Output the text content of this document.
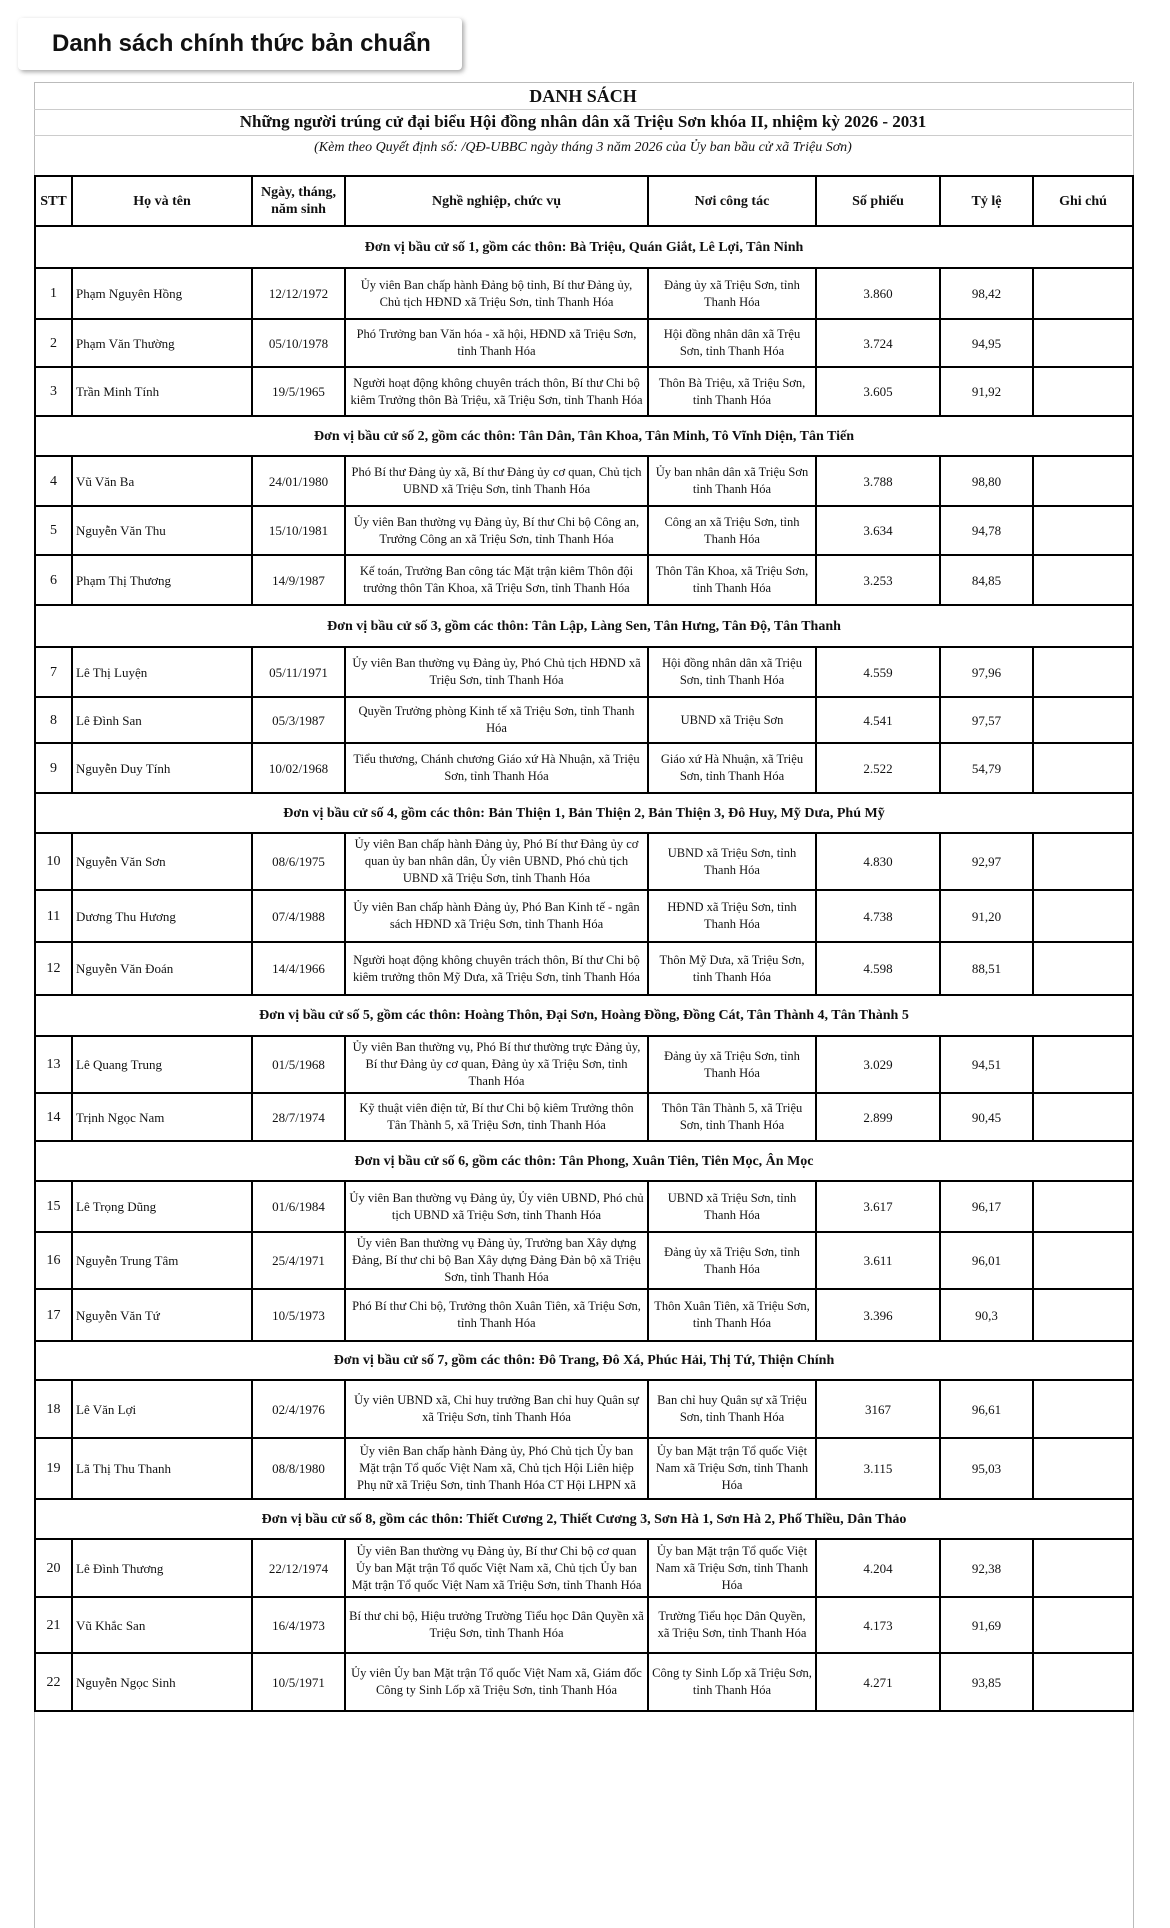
Danh sách chính thức bản chuẩn
DANH SÁCH
Những người trúng cử đại biểu Hội đồng nhân dân xã Triệu Sơn khóa II, nhiệm kỳ 2026 - 2031
(Kèm theo Quyết định số: /QĐ-UBBC ngày tháng 3 năm 2026 của Ủy ban bầu cử xã Triệu Sơn)
STT	Họ và tên	Ngày, tháng, năm sinh	Nghề nghiệp, chức vụ	Nơi công tác	Số phiếu	Tỷ lệ	Ghi chú
Đơn vị bầu cử số 1, gồm các thôn: Bà Triệu, Quán Giắt, Lê Lợi, Tân Ninh							
1	Phạm Nguyên Hồng	12/12/1972	Ủy viên Ban chấp hành Đảng bộ tỉnh, Bí thư Đảng ủy, Chủ tịch HĐND xã Triệu Sơn, tỉnh Thanh Hóa	Đảng ủy xã Triệu Sơn, tỉnh Thanh Hóa	3.860	98,42	
2	Phạm Văn Thường	05/10/1978	Phó Trưởng ban Văn hóa - xã hội, HĐND xã Triệu Sơn, tỉnh Thanh Hóa	Hội đồng nhân dân xã Trệu Sơn, tỉnh Thanh Hóa	3.724	94,95	
3	Trần Minh Tính	19/5/1965	Người hoạt động không chuyên trách thôn, Bí thư Chi bộ kiêm Trưởng thôn Bà Triệu, xã Triệu Sơn, tỉnh Thanh Hóa	Thôn Bà Triệu, xã Triệu Sơn, tỉnh Thanh Hóa	3.605	91,92	
Đơn vị bầu cử số 2, gồm các thôn: Tân Dân, Tân Khoa, Tân Minh, Tô Vĩnh Diện, Tân Tiến							
4	Vũ Văn Ba	24/01/1980	Phó Bí thư Đảng ủy xã, Bí thư Đảng ủy cơ quan, Chủ tịch UBND xã Triệu Sơn, tỉnh Thanh Hóa	Ủy ban nhân dân xã Triệu Sơn tỉnh Thanh Hóa	3.788	98,80	
5	Nguyễn Văn Thu	15/10/1981	Ủy viên Ban thường vụ Đảng ủy, Bí thư Chi bộ Công an, Trưởng Công an xã Triệu Sơn, tỉnh Thanh Hóa	Công an xã Triệu Sơn, tỉnh Thanh Hóa	3.634	94,78	
6	Phạm Thị Thương	14/9/1987	Kế toán, Trưởng Ban công tác Mặt trận kiêm Thôn đội trưởng thôn Tân Khoa, xã Triệu Sơn, tỉnh Thanh Hóa	Thôn Tân Khoa, xã Triệu Sơn, tỉnh Thanh Hóa	3.253	84,85	
Đơn vị bầu cử số 3, gồm các thôn: Tân Lập, Làng Sen, Tân Hưng, Tân Độ, Tân Thanh							
7	Lê Thị Luyện	05/11/1971	Ủy viên Ban thường vụ Đảng ủy, Phó Chủ tịch HĐND xã Triệu Sơn, tỉnh Thanh Hóa	Hội đồng nhân dân xã Triệu Sơn, tỉnh Thanh Hóa	4.559	97,96	
8	Lê Đình San	05/3/1987	Quyền Trưởng phòng Kinh tế xã Triệu Sơn, tỉnh Thanh Hóa	UBND xã Triệu Sơn	4.541	97,57	
9	Nguyễn Duy Tính	10/02/1968	Tiểu thương, Chánh chương Giáo xứ Hà Nhuận, xã Triệu Sơn, tỉnh Thanh Hóa	Giáo xứ Hà Nhuận, xã Triệu Sơn, tỉnh Thanh Hóa	2.522	54,79	
Đơn vị bầu cử số 4, gồm các thôn: Bản Thiện 1, Bản Thiện 2, Bản Thiện 3, Đô Huy, Mỹ Dưa, Phú Mỹ							
10	Nguyễn Văn Sơn	08/6/1975	Ủy viên Ban chấp hành Đảng ủy, Phó Bí thư Đảng ủy cơ quan ủy ban nhân dân, Ủy viên UBND, Phó chủ tịch UBND xã Triệu Sơn, tỉnh Thanh Hóa	UBND xã Triệu Sơn, tỉnh Thanh Hóa	4.830	92,97	
11	Dương Thu Hương	07/4/1988	Ủy viên Ban chấp hành Đảng ủy, Phó Ban Kinh tế - ngân sách HĐND xã Triệu Sơn, tỉnh Thanh Hóa	HĐND xã Triệu Sơn, tỉnh Thanh Hóa	4.738	91,20	
12	Nguyễn Văn Đoán	14/4/1966	Người hoạt động không chuyên trách thôn, Bí thư Chi bộ kiêm trưởng thôn Mỹ Dưa, xã Triệu Sơn, tỉnh Thanh Hóa	Thôn Mỹ Dưa, xã Triệu Sơn, tỉnh Thanh Hóa	4.598	88,51	
Đơn vị bầu cử số 5, gồm các thôn: Hoàng Thôn, Đại Sơn, Hoàng Đồng, Đồng Cát, Tân Thành 4, Tân Thành 5							
13	Lê Quang Trung	01/5/1968	Ủy viên Ban thường vụ, Phó Bí thư thường trực Đảng ủy, Bí thư Đảng ủy cơ quan, Đảng ủy xã Triệu Sơn, tỉnh Thanh Hóa	Đảng ủy xã Triệu Sơn, tỉnh Thanh Hóa	3.029	94,51	
14	Trịnh Ngọc Nam	28/7/1974	Kỹ thuật viên điện tử, Bí thư Chi bộ kiêm Trưởng thôn Tân Thành 5, xã Triệu Sơn, tỉnh Thanh Hóa	Thôn Tân Thành 5, xã Triệu Sơn, tỉnh Thanh Hóa	2.899	90,45	
Đơn vị bầu cử số 6, gồm các thôn: Tân Phong, Xuân Tiên, Tiên Mọc, Ân Mọc							
15	Lê Trọng Dũng	01/6/1984	Ủy viên Ban thường vụ Đảng ủy, Ủy viên UBND, Phó chủ tịch UBND xã Triệu Sơn, tỉnh Thanh Hóa	UBND xã Triệu Sơn, tỉnh Thanh Hóa	3.617	96,17	
16	Nguyễn Trung Tâm	25/4/1971	Ủy viên Ban thường vụ Đảng ủy, Trưởng ban Xây dựng Đảng, Bí thư chi bộ Ban Xây dựng Đảng Đản bộ xã Triệu Sơn, tỉnh Thanh Hóa	Đảng ủy xã Triệu Sơn, tỉnh Thanh Hóa	3.611	96,01	
17	Nguyễn Văn Tứ	10/5/1973	Phó Bí thư Chi bộ, Trưởng thôn Xuân Tiên, xã Triệu Sơn, tỉnh Thanh Hóa	Thôn Xuân Tiên, xã Triệu Sơn, tỉnh Thanh Hóa	3.396	90,3	
Đơn vị bầu cử số 7, gồm các thôn: Đô Trang, Đô Xá, Phúc Hải, Thị Tứ, Thiện Chính							
18	Lê Văn Lợi	02/4/1976	Ủy viên UBND xã, Chỉ huy trưởng Ban chỉ huy Quân sự xã Triệu Sơn, tỉnh Thanh Hóa	Ban chỉ huy Quân sự xã Triệu Sơn, tỉnh Thanh Hóa	3167	96,61	
19	Lã Thị Thu Thanh	08/8/1980	Ủy viên Ban chấp hành Đảng ủy, Phó Chủ tịch Ủy ban Mặt trận Tổ quốc Việt Nam xã, Chủ tịch Hội Liên hiệp Phụ nữ xã Triệu Sơn, tỉnh Thanh Hóa CT Hội LHPN xã	Ủy ban Mặt trận Tổ quốc Việt Nam xã Triệu Sơn, tỉnh Thanh Hóa	3.115	95,03	
Đơn vị bầu cử số 8, gồm các thôn: Thiết Cương 2, Thiết Cương 3, Sơn Hà 1, Sơn Hà 2, Phố Thiều, Dân Thảo							
20	Lê Đình Thương	22/12/1974	Ủy viên Ban thường vụ Đảng ủy, Bí thư Chi bộ cơ quan Ủy ban Mặt trận Tổ quốc Việt Nam xã, Chủ tịch Ủy ban Mặt trận Tổ quốc Việt Nam xã Triệu Sơn, tỉnh Thanh Hóa	Ủy ban Mặt trận Tổ quốc Việt Nam xã Triệu Sơn, tỉnh Thanh Hóa	4.204	92,38	
21	Vũ Khắc San	16/4/1973	Bí thư chi bộ, Hiệu trưởng Trường Tiểu học Dân Quyền xã Triệu Sơn, tỉnh Thanh Hóa	Trường Tiểu học Dân Quyền, xã Triệu Sơn, tỉnh Thanh Hóa	4.173	91,69	
22	Nguyễn Ngọc Sinh	10/5/1971	Ủy viên Ủy ban Mặt trận Tổ quốc Việt Nam xã, Giám đốc Công ty Sinh Lốp xã Triệu Sơn, tỉnh Thanh Hóa	Công ty Sinh Lốp xã Triệu Sơn, tỉnh Thanh Hóa	4.271	93,85	
